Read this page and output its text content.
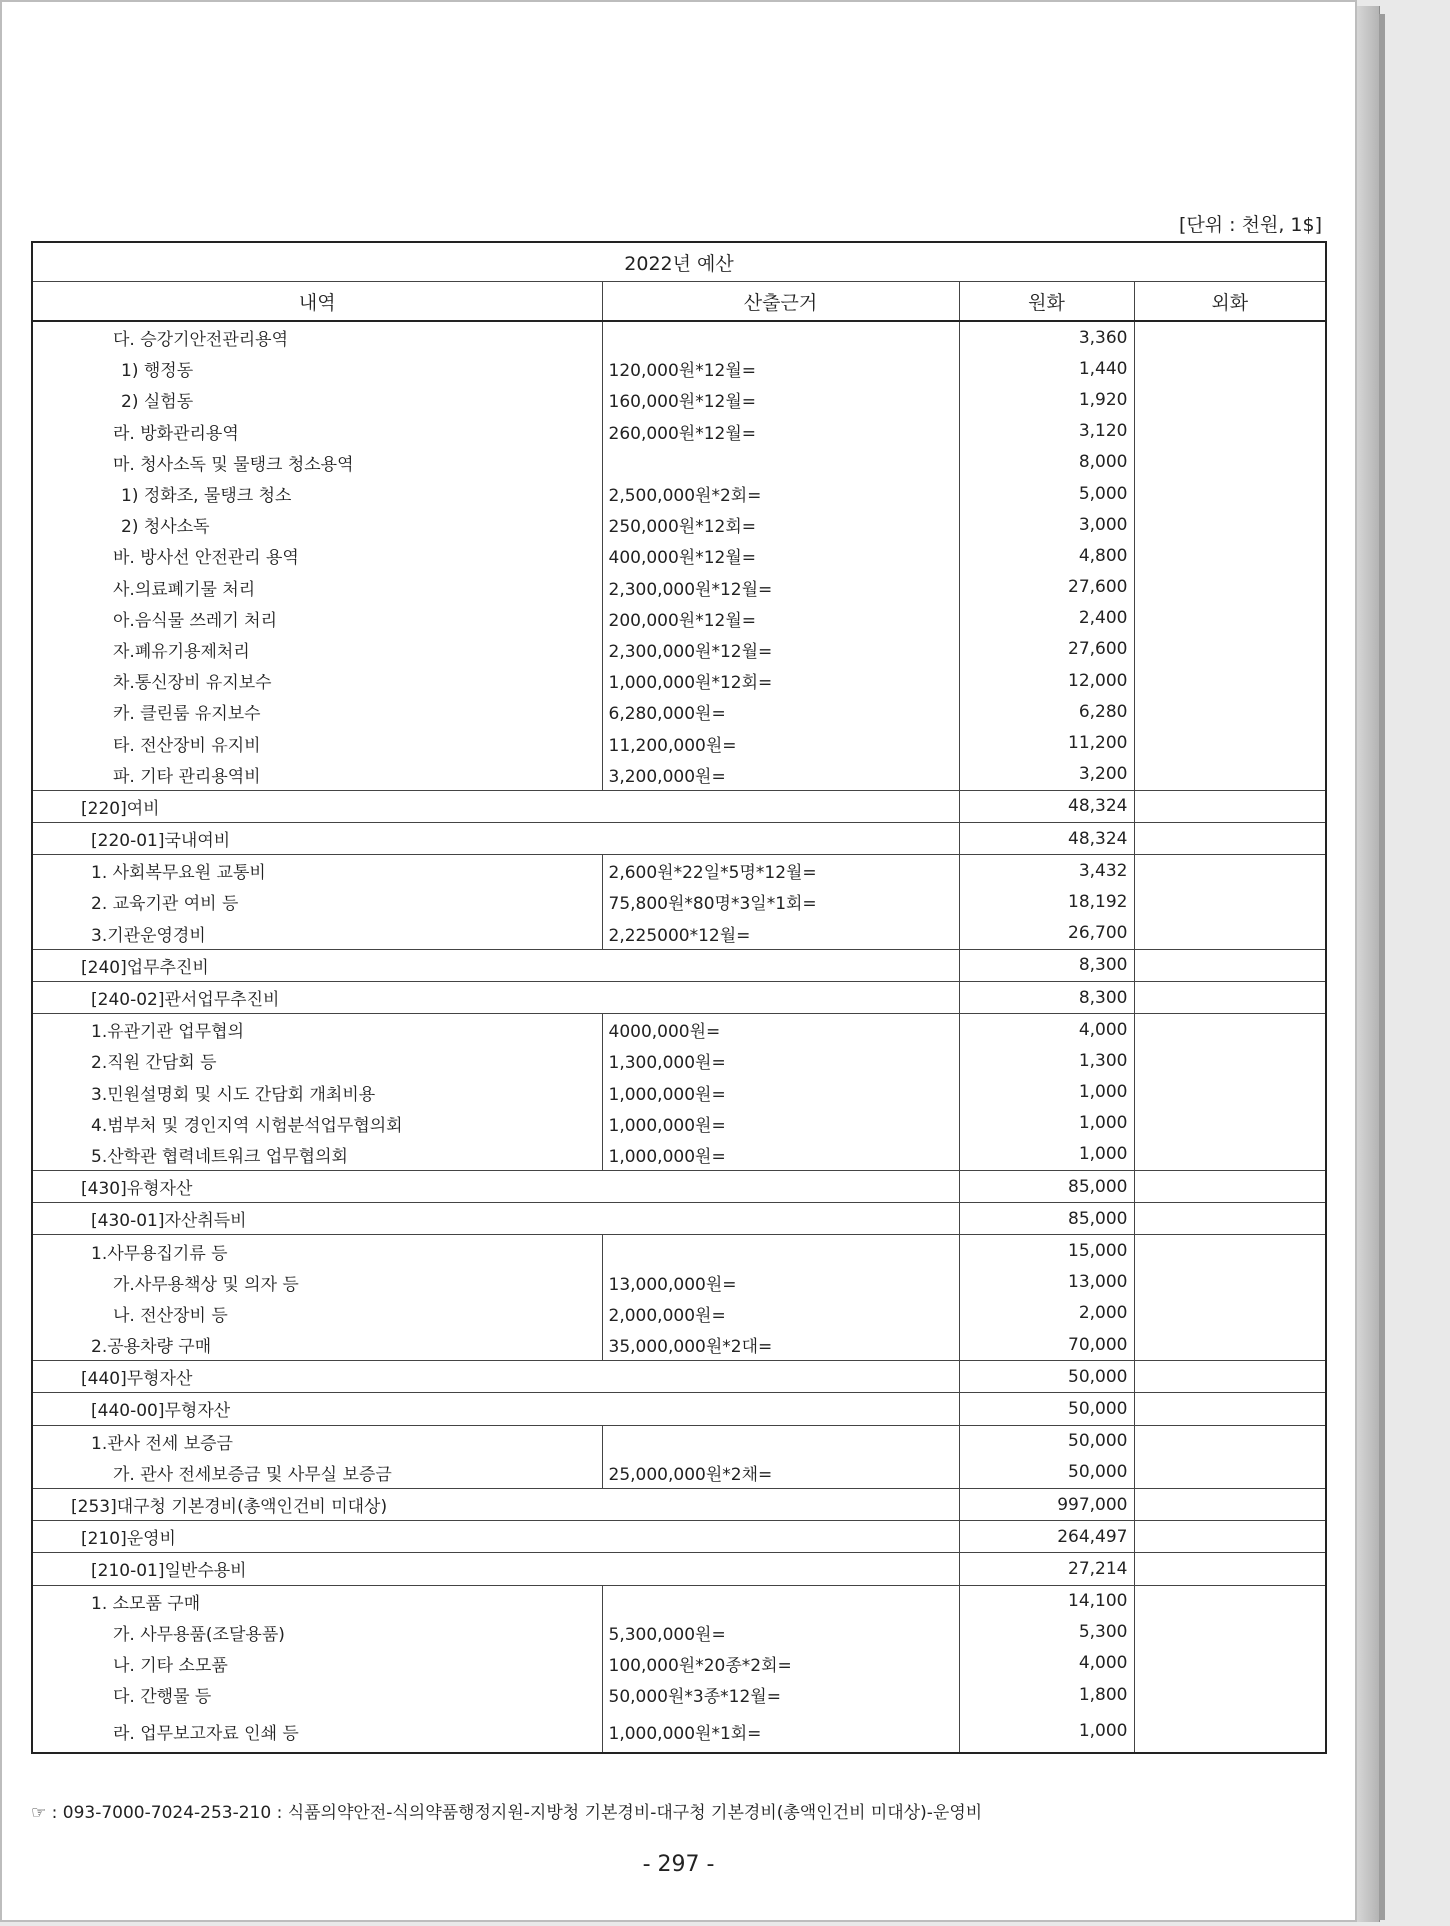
[단위 : 천원, 1$]
2022년 예산			
내역	산출근거	원화	외화
다. 승강기안전관리용역		3,360	
1) 행정동	120,000원*12월=	1,440	
2) 실험동	160,000원*12월=	1,920	
라. 방화관리용역	260,000원*12월=	3,120	
마. 청사소독 및 물탱크 청소용역		8,000	
1) 정화조, 물탱크 청소	2,500,000원*2회=	5,000	
2) 청사소독	250,000원*12회=	3,000	
바. 방사선 안전관리 용역	400,000원*12월=	4,800	
사.의료폐기물 처리	2,300,000원*12월=	27,600	
아.음식물 쓰레기 처리	200,000원*12월=	2,400	
자.폐유기용제처리	2,300,000원*12월=	27,600	
차.통신장비 유지보수	1,000,000원*12회=	12,000	
카. 클린룸 유지보수	6,280,000원=	6,280	
타. 전산장비 유지비	11,200,000원=	11,200	
파. 기타 관리용역비	3,200,000원=	3,200	
[220]여비		48,324	
[220-01]국내여비		48,324	
1. 사회복무요원 교통비	2,600원*22일*5명*12월=	3,432	
2. 교육기관 여비 등	75,800원*80명*3일*1회=	18,192	
3.기관운영경비	2,225000*12월=	26,700	
[240]업무추진비		8,300	
[240-02]관서업무추진비		8,300	
1.유관기관 업무협의	4000,000원=	4,000	
2.직원 간담회 등	1,300,000원=	1,300	
3.민원설명회 및 시도 간담회 개최비용	1,000,000원=	1,000	
4.범부처 및 경인지역 시험분석업무협의회	1,000,000원=	1,000	
5.산학관 협력네트워크 업무협의회	1,000,000원=	1,000	
[430]유형자산		85,000	
[430-01]자산취득비		85,000	
1.사무용집기류 등		15,000	
가.사무용책상 및 의자 등	13,000,000원=	13,000	
나. 전산장비 등	2,000,000원=	2,000	
2.공용차량 구매	35,000,000원*2대=	70,000	
[440]무형자산		50,000	
[440-00]무형자산		50,000	
1.관사 전세 보증금		50,000	
가. 관사 전세보증금 및 사무실 보증금	25,000,000원*2채=	50,000	
[253]대구청 기본경비(총액인건비 미대상)		997,000	
[210]운영비		264,497	
[210-01]일반수용비		27,214	
1. 소모품 구매		14,100	
가. 사무용품(조달용품)	5,300,000원=	5,300	
나. 기타 소모품	100,000원*20종*2회=	4,000	
다. 간행물 등	50,000원*3종*12월=	1,800	
라. 업무보고자료 인쇄 등	1,000,000원*1회=	1,000	
☞ : 093-7000-7024-253-210 : 식품의약안전-식의약품행정지원-지방청 기본경비-대구청 기본경비(총액인건비 미대상)-운영비
- 297 -
